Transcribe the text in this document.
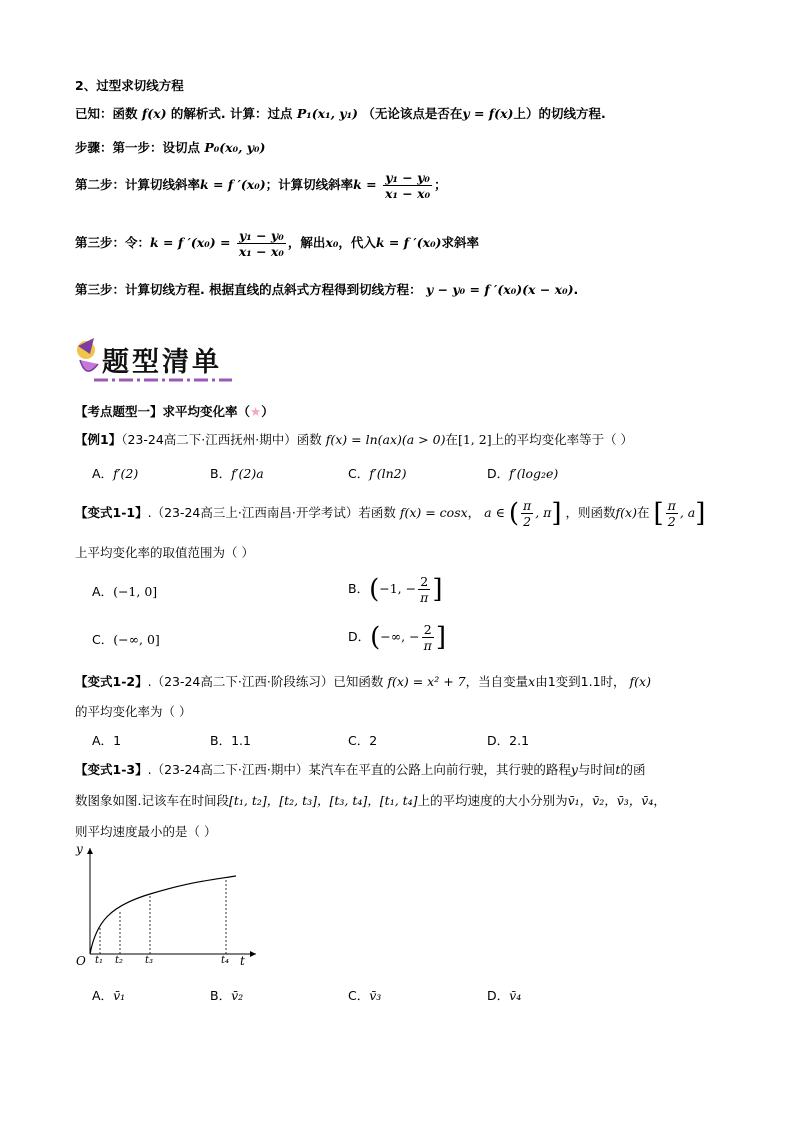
2、过型求切线方程
已知：函数 f(x) 的解析式. 计算：过点 P₁(x₁, y₁) （无论该点是否在y = f(x)上）的切线方程.
步骤：第一步：设切点 P₀(x₀, y₀)
第二步：计算切线斜率k = f ′(x₀)；计算切线斜率$k = \frac{\text{y₁ − y₀}}{\text{x₁ − x₀}}$ ；
第三步：令：k = f $'(x_0) = \frac{\text{y₁ − y₀}}{\text{x₁ − x₀}}$ ，解出x₀，代入k = f ′(x₀)求斜率
第三步：计算切线方程. 根据直线的点斜式方程得到切线方程： y − y₀ = f ′(x₀)(x − x₀).
题型清单
【考点题型一】求平均变化率（★）
【例1】（23-24高二下·江西抚州·期中）函数 f(x) = ln(ax)(a > 0)在[1, 2]上的平均变化率等于（ ）
A．f′(2)	B．f′(2)a	C．f′(ln2)	D．f′(log₂e)
【变式1-1】.（23-24高三上·江西南昌·开学考试）若函数 f(x) = cosx， a ∈ ( $\frac{\pi}{2}$ , π] ，则函数f(x)在 [ $\frac{\pi}{2}$ , a]
上平均变化率的取值范围为（ ）
A．(−1, 0]	B．(−1, − $\frac{2}{\pi}$ ]
C．(−∞, 0]	D．(−∞, − $\frac{2}{\pi}$ ]
【变式1-2】.（23-24高二下·江西·阶段练习）已知函数 f(x) = x² + 7，当自变量x由1变到1.1时， f(x)
的平均变化率为（ ）
A．1	B．1.1	C．2	D．2.1
【变式1-3】.（23-24高二下·江西·期中）某汽车在平直的公路上向前行驶，其行驶的路程y与时间t的函
数图象如图.记该车在时间段[t₁, t₂]，[t₂, t₃]，[t₃, t₄]，[t₁, t₄]上的平均速度的大小分别为v̄₁，v̄₂，v̄₃，v̄₄，
则平均速度最小的是（ ）
y
t
O t₁ t₂ t₃	t₄
A．v̄₁	B．v̄₂	C．v̄₃	D．v̄₄
